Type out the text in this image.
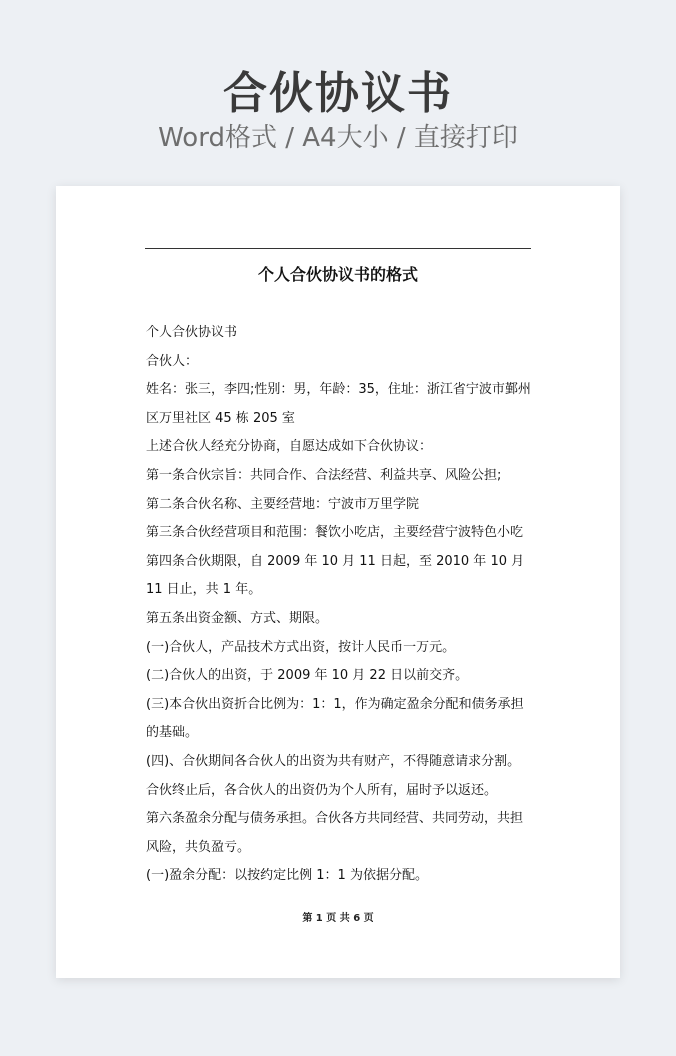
合伙协议书
Word格式 / A4大小 / 直接打印
个人合伙协议书的格式

个人合伙协议书

合伙人：

姓名：张三，李四;性别：男，年龄：35，住址：浙江省宁波市鄞州区万里社区 45 栋 205 室

上述合伙人经充分协商，自愿达成如下合伙协议：

第一条合伙宗旨：共同合作、合法经营、利益共享、风险公担;

第二条合伙名称、主要经营地：宁波市万里学院

第三条合伙经营项目和范围：餐饮小吃店，主要经营宁波特色小吃

第四条合伙期限，自 2009 年 10 月 11 日起，至 2010 年 10 月 11 日止，共 1 年。

第五条出资金额、方式、期限。

(一)合伙人，产品技术方式出资，按计人民币一万元。

(二)合伙人的出资，于 2009 年 10 月 22 日以前交齐。

(三)本合伙出资折合比例为：1：1，作为确定盈余分配和债务承担的基础。

(四)、合伙期间各合伙人的出资为共有财产，不得随意请求分割。合伙终止后，各合伙人的出资仍为个人所有，届时予以返还。

第六条盈余分配与债务承担。合伙各方共同经营、共同劳动，共担风险，共负盈亏。

(一)盈余分配：以按约定比例 1：1 为依据分配。

第 1 页 共 6 页
